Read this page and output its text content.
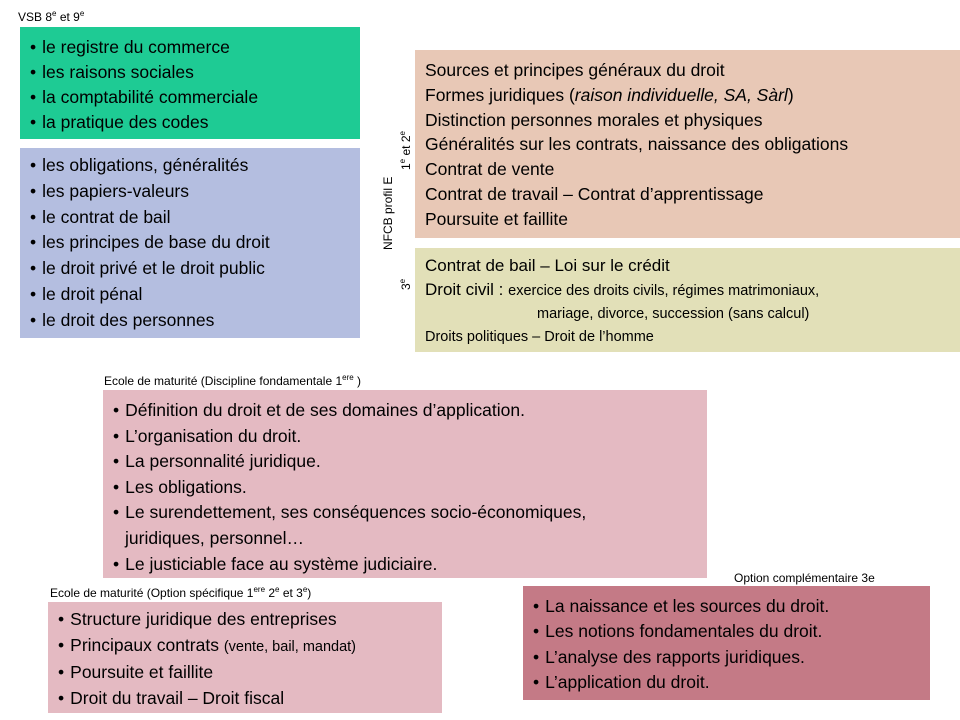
VSB 8e et 9e
• le registre du commerce
• les raisons sociales
• la comptabilité commerciale
• la pratique des codes
• les obligations, généralités
• les papiers-valeurs
• le contrat de bail
• les principes de base du droit
• le droit privé et le droit public
• le droit pénal
• le droit des personnes
NFCB profil E
1e et 2e
3e
Sources et principes généraux du droit
Formes juridiques (raison individuelle, SA, Sàrl)
Distinction personnes morales et physiques
Généralités sur les contrats, naissance des obligations
Contrat de vente
Contrat de travail – Contrat d’apprentissage
Poursuite et faillite
Contrat de bail – Loi sur le crédit
Droit civil : exercice des droits civils, régimes matrimoniaux,
mariage, divorce, succession (sans calcul)
Droits politiques – Droit de l’homme
Ecole de maturité (Discipline fondamentale 1ere )
• Définition du droit et de ses domaines d’application.
• L’organisation du droit.
• La personnalité juridique.
• Les obligations.
• Le surendettement, ses conséquences socio-économiques,
juridiques, personnel…
• Le justiciable face au système judiciaire.
Option complémentaire 3e
• La naissance et les sources du droit.
• Les notions fondamentales du droit.
• L’analyse des rapports juridiques.
• L’application du droit.
Ecole de maturité (Option spécifique 1ere 2e et 3e)
• Structure juridique des entreprises
• Principaux contrats (vente, bail, mandat)
• Poursuite et faillite
• Droit du travail – Droit fiscal
